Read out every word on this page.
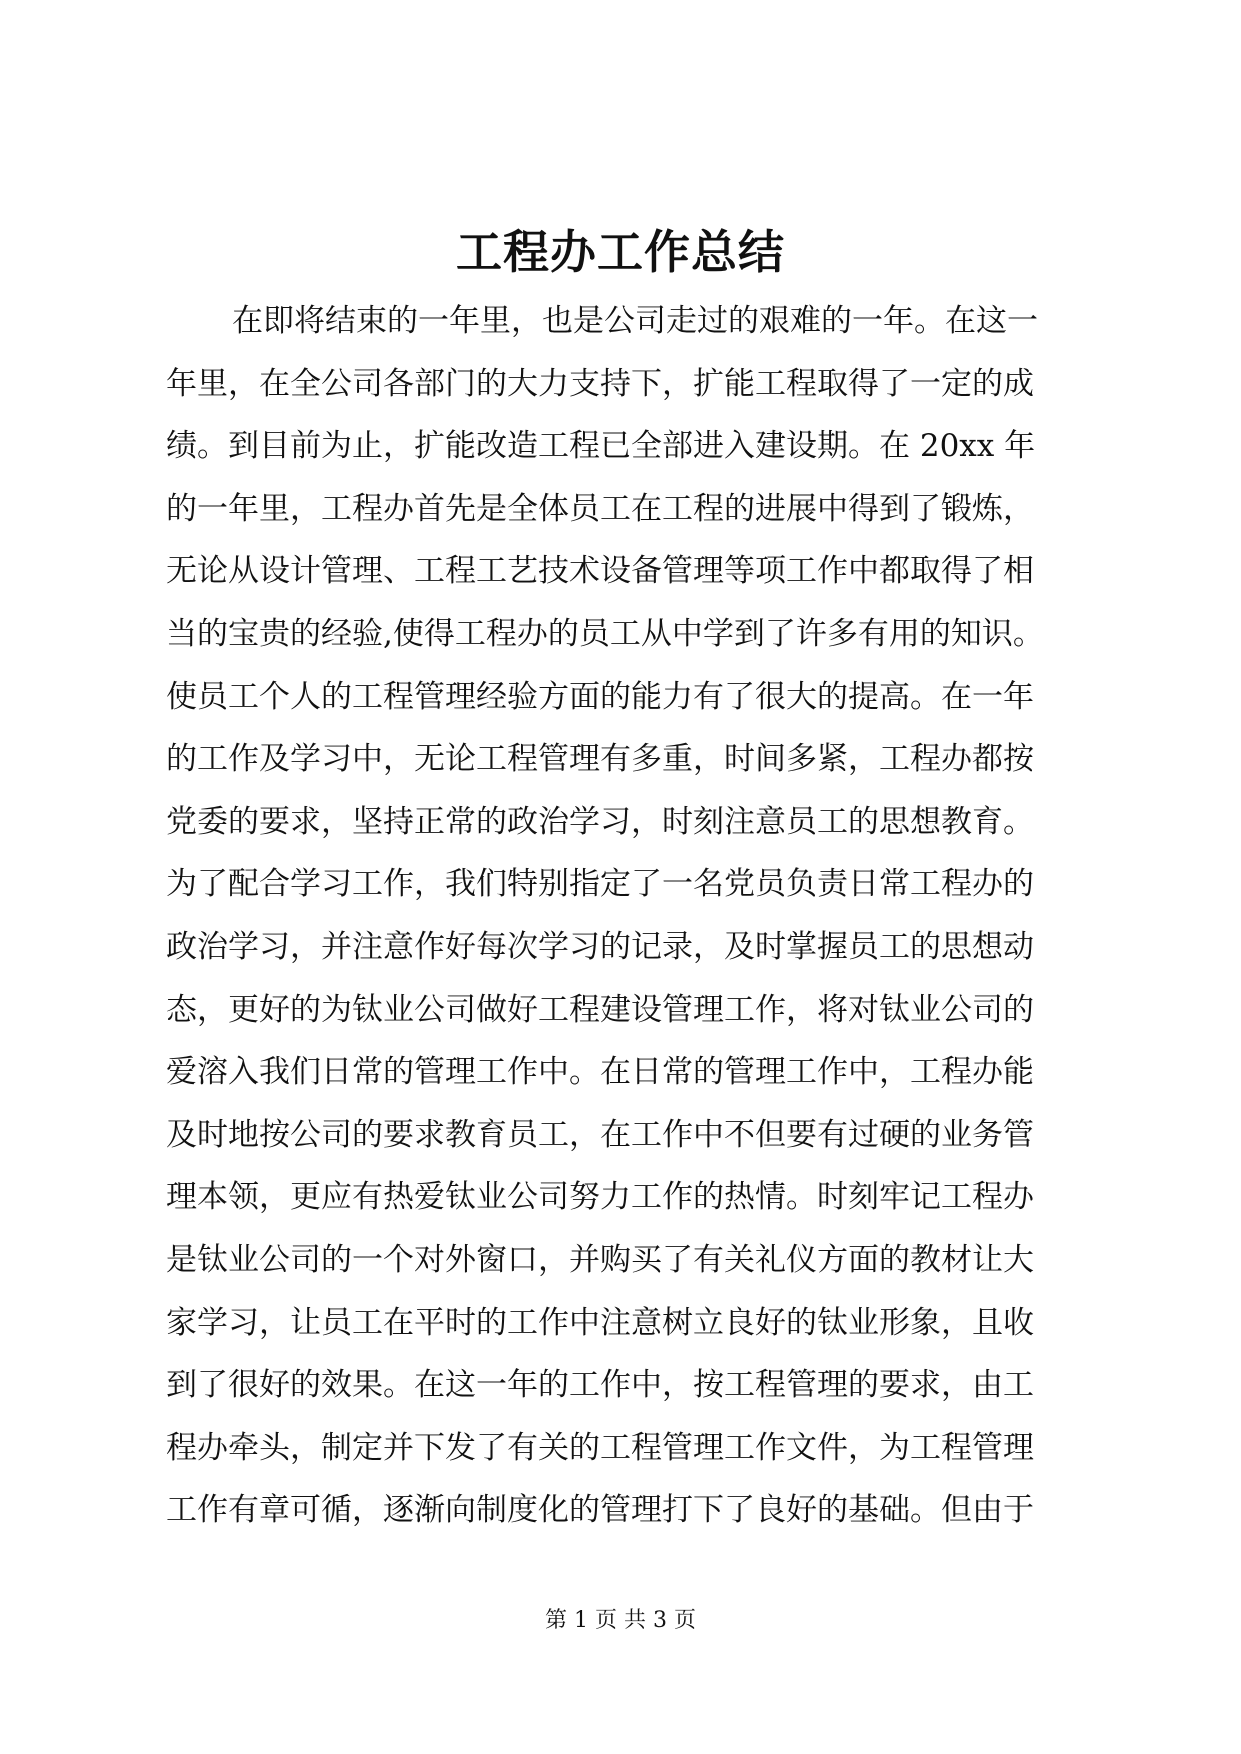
工程办工作总结
在即将结束的一年里，也是公司走过的艰难的一年。在这一
年里，在全公司各部门的大力支持下，扩能工程取得了一定的成
绩。到目前为止，扩能改造工程已全部进入建设期。在 20xx 年
的一年里，工程办首先是全体员工在工程的进展中得到了锻炼，
无论从设计管理、工程工艺技术设备管理等项工作中都取得了相
当的宝贵的经验,使得工程办的员工从中学到了许多有用的知识。
使员工个人的工程管理经验方面的能力有了很大的提高。在一年
的工作及学习中，无论工程管理有多重，时间多紧，工程办都按
党委的要求，坚持正常的政治学习，时刻注意员工的思想教育。
为了配合学习工作，我们特别指定了一名党员负责日常工程办的
政治学习，并注意作好每次学习的记录，及时掌握员工的思想动
态，更好的为钛业公司做好工程建设管理工作，将对钛业公司的
爱溶入我们日常的管理工作中。在日常的管理工作中，工程办能
及时地按公司的要求教育员工，在工作中不但要有过硬的业务管
理本领，更应有热爱钛业公司努力工作的热情。时刻牢记工程办
是钛业公司的一个对外窗口，并购买了有关礼仪方面的教材让大
家学习，让员工在平时的工作中注意树立良好的钛业形象，且收
到了很好的效果。在这一年的工作中，按工程管理的要求，由工
程办牵头，制定并下发了有关的工程管理工作文件，为工程管理
工作有章可循，逐渐向制度化的管理打下了良好的基础。但由于
第 1 页 共 3 页
